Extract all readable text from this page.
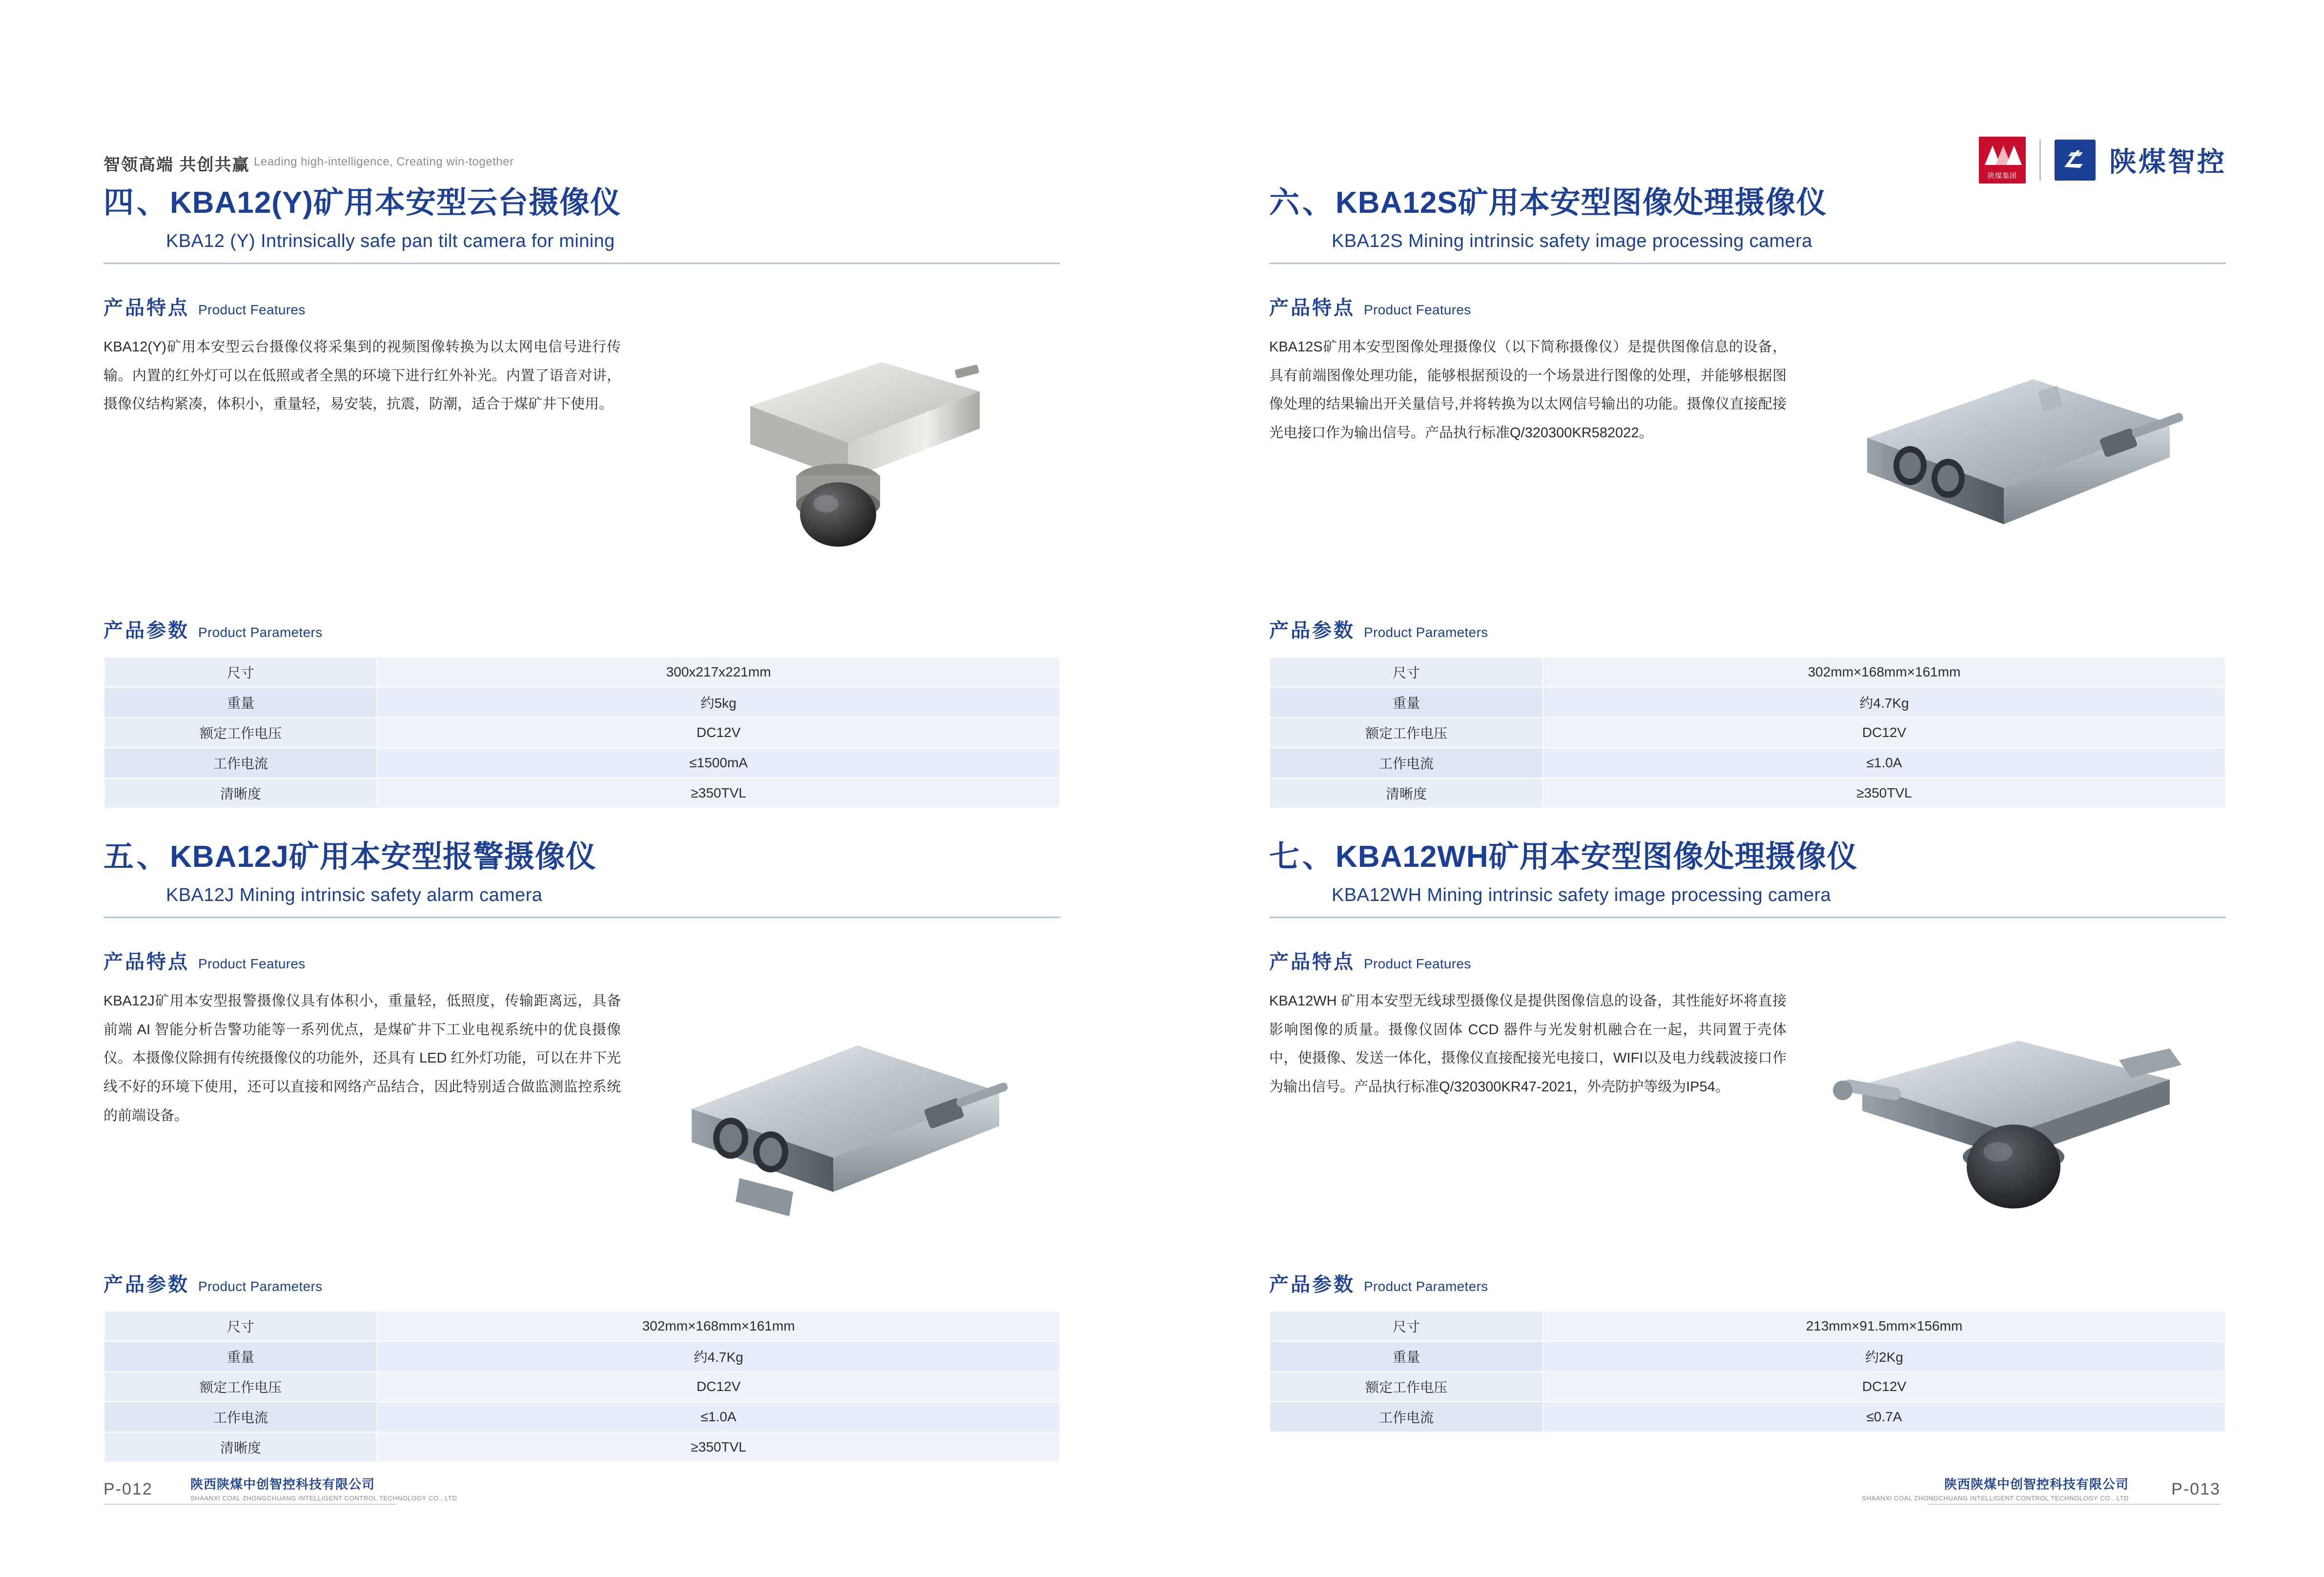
智领高端 共创共赢 Leading high-intelligence, Creating win-together
陕煤集团	陕煤智控
四、KBA12(Y)矿用本安型云台摄像仪
KBA12 (Y) Intrinsically safe pan tilt camera for mining
产品特点 Product Features
KBA12(Y)矿用本安型云台摄像仪将采集到的视频图像转换为以太网电信号进行传输。内置的红外灯可以在低照或者全黑的环境下进行红外补光。内置了语音对讲，摄像仪结构紧凑，体积小，重量轻，易安装，抗震，防潮，适合于煤矿井下使用。
产品参数 Product Parameters
尺寸	300x217x221mm
重量	约5kg
额定工作电压	DC12V
工作电流	≤1500mA
清晰度	≥350TVL
六、KBA12S矿用本安型图像处理摄像仪
KBA12S Mining intrinsic safety image processing camera
产品特点 Product Features
KBA12S矿用本安型图像处理摄像仪（以下简称摄像仪）是提供图像信息的设备，具有前端图像处理功能，能够根据预设的一个场景进行图像的处理，并能够根据图像处理的结果输出开关量信号,并将转换为以太网信号输出的功能。摄像仪直接配接光电接口作为输出信号。产品执行标准Q/320300KR582022。
产品参数 Product Parameters
尺寸	302mm×168mm×161mm
重量	约4.7Kg
额定工作电压	DC12V
工作电流	≤1.0A
清晰度	≥350TVL
五、KBA12J矿用本安型报警摄像仪
KBA12J Mining intrinsic safety alarm camera
产品特点 Product Features
KBA12J矿用本安型报警摄像仪具有体积小，重量轻，低照度，传输距离远，具备前端 AI 智能分析告警功能等一系列优点，是煤矿井下工业电视系统中的优良摄像仪。本摄像仪除拥有传统摄像仪的功能外，还具有 LED 红外灯功能，可以在井下光线不好的环境下使用，还可以直接和网络产品结合，因此特别适合做监测监控系统的前端设备。
产品参数 Product Parameters
尺寸	302mm×168mm×161mm
重量	约4.7Kg
额定工作电压	DC12V
工作电流	≤1.0A
清晰度	≥350TVL
七、KBA12WH矿用本安型图像处理摄像仪
KBA12WH Mining intrinsic safety image processing camera
产品特点 Product Features
KBA12WH 矿用本安型无线球型摄像仪是提供图像信息的设备，其性能好坏将直接影响图像的质量。摄像仪固体 CCD 器件与光发射机融合在一起，共同置于壳体中，使摄像、发送一体化，摄像仪直接配接光电接口，WIFI以及电力线载波接口作为输出信号。产品执行标准Q/320300KR47-2021，外壳防护等级为IP54。
产品参数 Product Parameters
尺寸	213mm×91.5mm×156mm
重量	约2Kg
额定工作电压	DC12V
工作电流	≤0.7A
P-012	P-013
陕西陕煤中创智控科技有限公司
SHAANXI COAL ZHONGCHUANG INTELLIGENT CONTROL TECHNOLOGY CO., LTD
陕西陕煤中创智控科技有限公司
SHAANXI COAL ZHONGCHUANG INTELLIGENT CONTROL TECHNOLOGY CO., LTD
